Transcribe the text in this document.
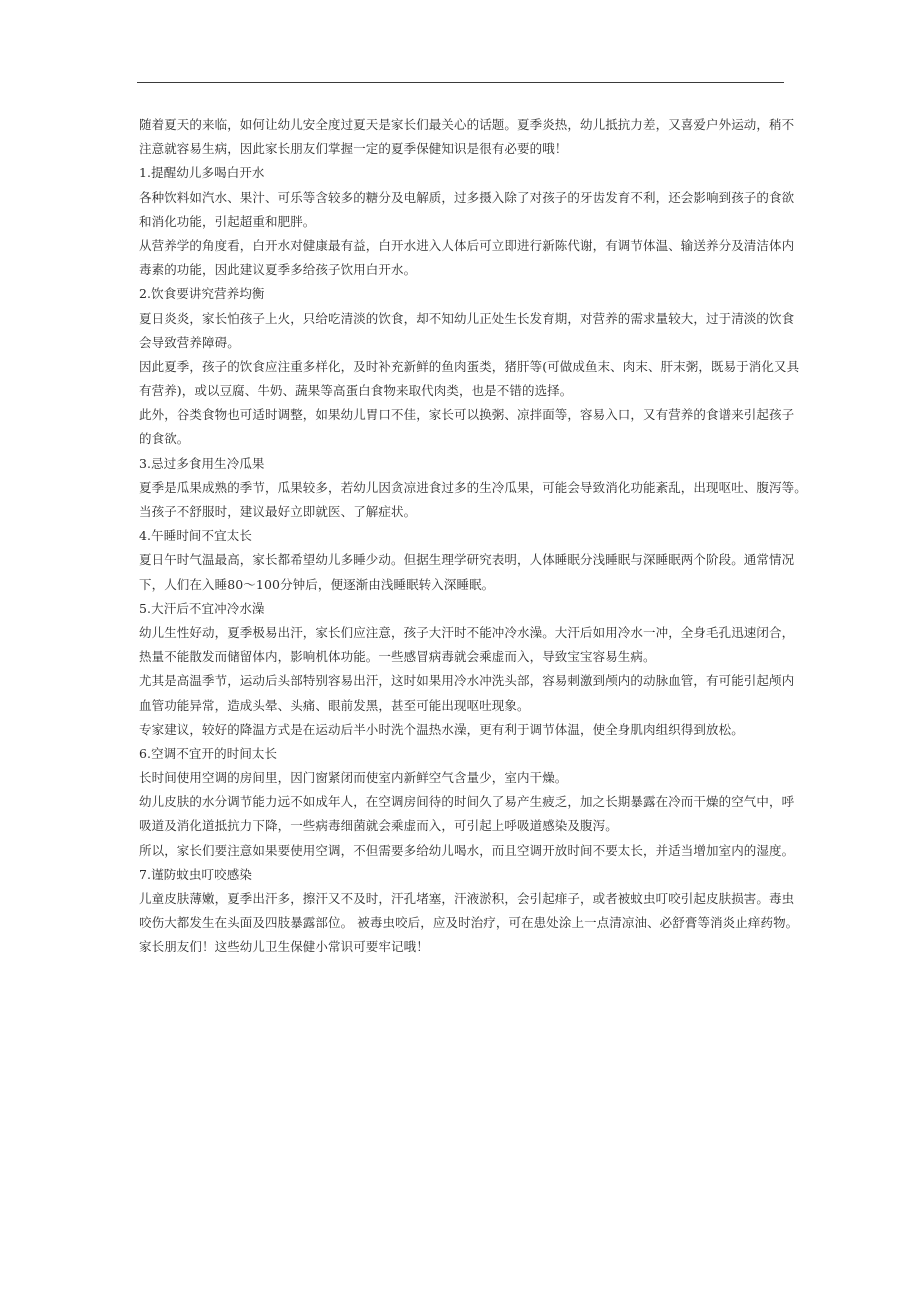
随着夏天的来临，如何让幼儿安全度过夏天是家长们最关心的话题。夏季炎热，幼儿抵抗力差，又喜爱户外运动，稍不
注意就容易生病，因此家长朋友们掌握一定的夏季保健知识是很有必要的哦！
1.提醒幼儿多喝白开水
各种饮料如汽水、果汁、可乐等含较多的糖分及电解质，过多摄入除了对孩子的牙齿发育不利，还会影响到孩子的食欲
和消化功能，引起超重和肥胖。
从营养学的角度看，白开水对健康最有益，白开水进入人体后可立即进行新陈代谢，有调节体温、输送养分及清洁体内
毒素的功能，因此建议夏季多给孩子饮用白开水。
2.饮食要讲究营养均衡
夏日炎炎，家长怕孩子上火，只给吃清淡的饮食，却不知幼儿正处生长发育期，对营养的需求量较大，过于清淡的饮食
会导致营养障碍。
因此夏季，孩子的饮食应注重多样化，及时补充新鲜的鱼肉蛋类，猪肝等(可做成鱼末、肉末、肝末粥，既易于消化又具
有营养)，或以豆腐、牛奶、蔬果等高蛋白食物来取代肉类，也是不错的选择。
此外，谷类食物也可适时调整，如果幼儿胃口不佳，家长可以换粥、凉拌面等，容易入口，又有营养的食谱来引起孩子
的食欲。
3.忌过多食用生冷瓜果
夏季是瓜果成熟的季节，瓜果较多，若幼儿因贪凉进食过多的生冷瓜果，可能会导致消化功能紊乱，出现呕吐、腹泻等。
当孩子不舒服时，建议最好立即就医、了解症状。
4.午睡时间不宜太长
夏日午时气温最高，家长都希望幼儿多睡少动。但据生理学研究表明，人体睡眠分浅睡眠与深睡眠两个阶段。通常情况
下，人们在入睡80～100分钟后，便逐渐由浅睡眠转入深睡眠。
5.大汗后不宜冲冷水澡
幼儿生性好动，夏季极易出汗，家长们应注意，孩子大汗时不能冲冷水澡。大汗后如用冷水一冲，全身毛孔迅速闭合，
热量不能散发而储留体内，影响机体功能。一些感冒病毒就会乘虚而入，导致宝宝容易生病。
尤其是高温季节，运动后头部特别容易出汗，这时如果用冷水冲洗头部，容易刺激到颅内的动脉血管，有可能引起颅内
血管功能异常，造成头晕、头痛、眼前发黑，甚至可能出现呕吐现象。
专家建议，较好的降温方式是在运动后半小时洗个温热水澡，更有利于调节体温，使全身肌肉组织得到放松。
6.空调不宜开的时间太长
长时间使用空调的房间里，因门窗紧闭而使室内新鲜空气含量少，室内干燥。
幼儿皮肤的水分调节能力远不如成年人，在空调房间待的时间久了易产生疲乏，加之长期暴露在冷而干燥的空气中，呼
吸道及消化道抵抗力下降，一些病毒细菌就会乘虚而入，可引起上呼吸道感染及腹泻。
所以，家长们要注意如果要使用空调，不但需要多给幼儿喝水，而且空调开放时间不要太长，并适当增加室内的湿度。
7.谨防蚊虫叮咬感染
儿童皮肤薄嫩，夏季出汗多，擦汗又不及时，汗孔堵塞，汗液淤积，会引起痱子，或者被蚊虫叮咬引起皮肤损害。毒虫
咬伤大都发生在头面及四肢暴露部位。 被毒虫咬后，应及时治疗，可在患处涂上一点清凉油、必舒膏等消炎止痒药物。
家长朋友们！这些幼儿卫生保健小常识可要牢记哦！
